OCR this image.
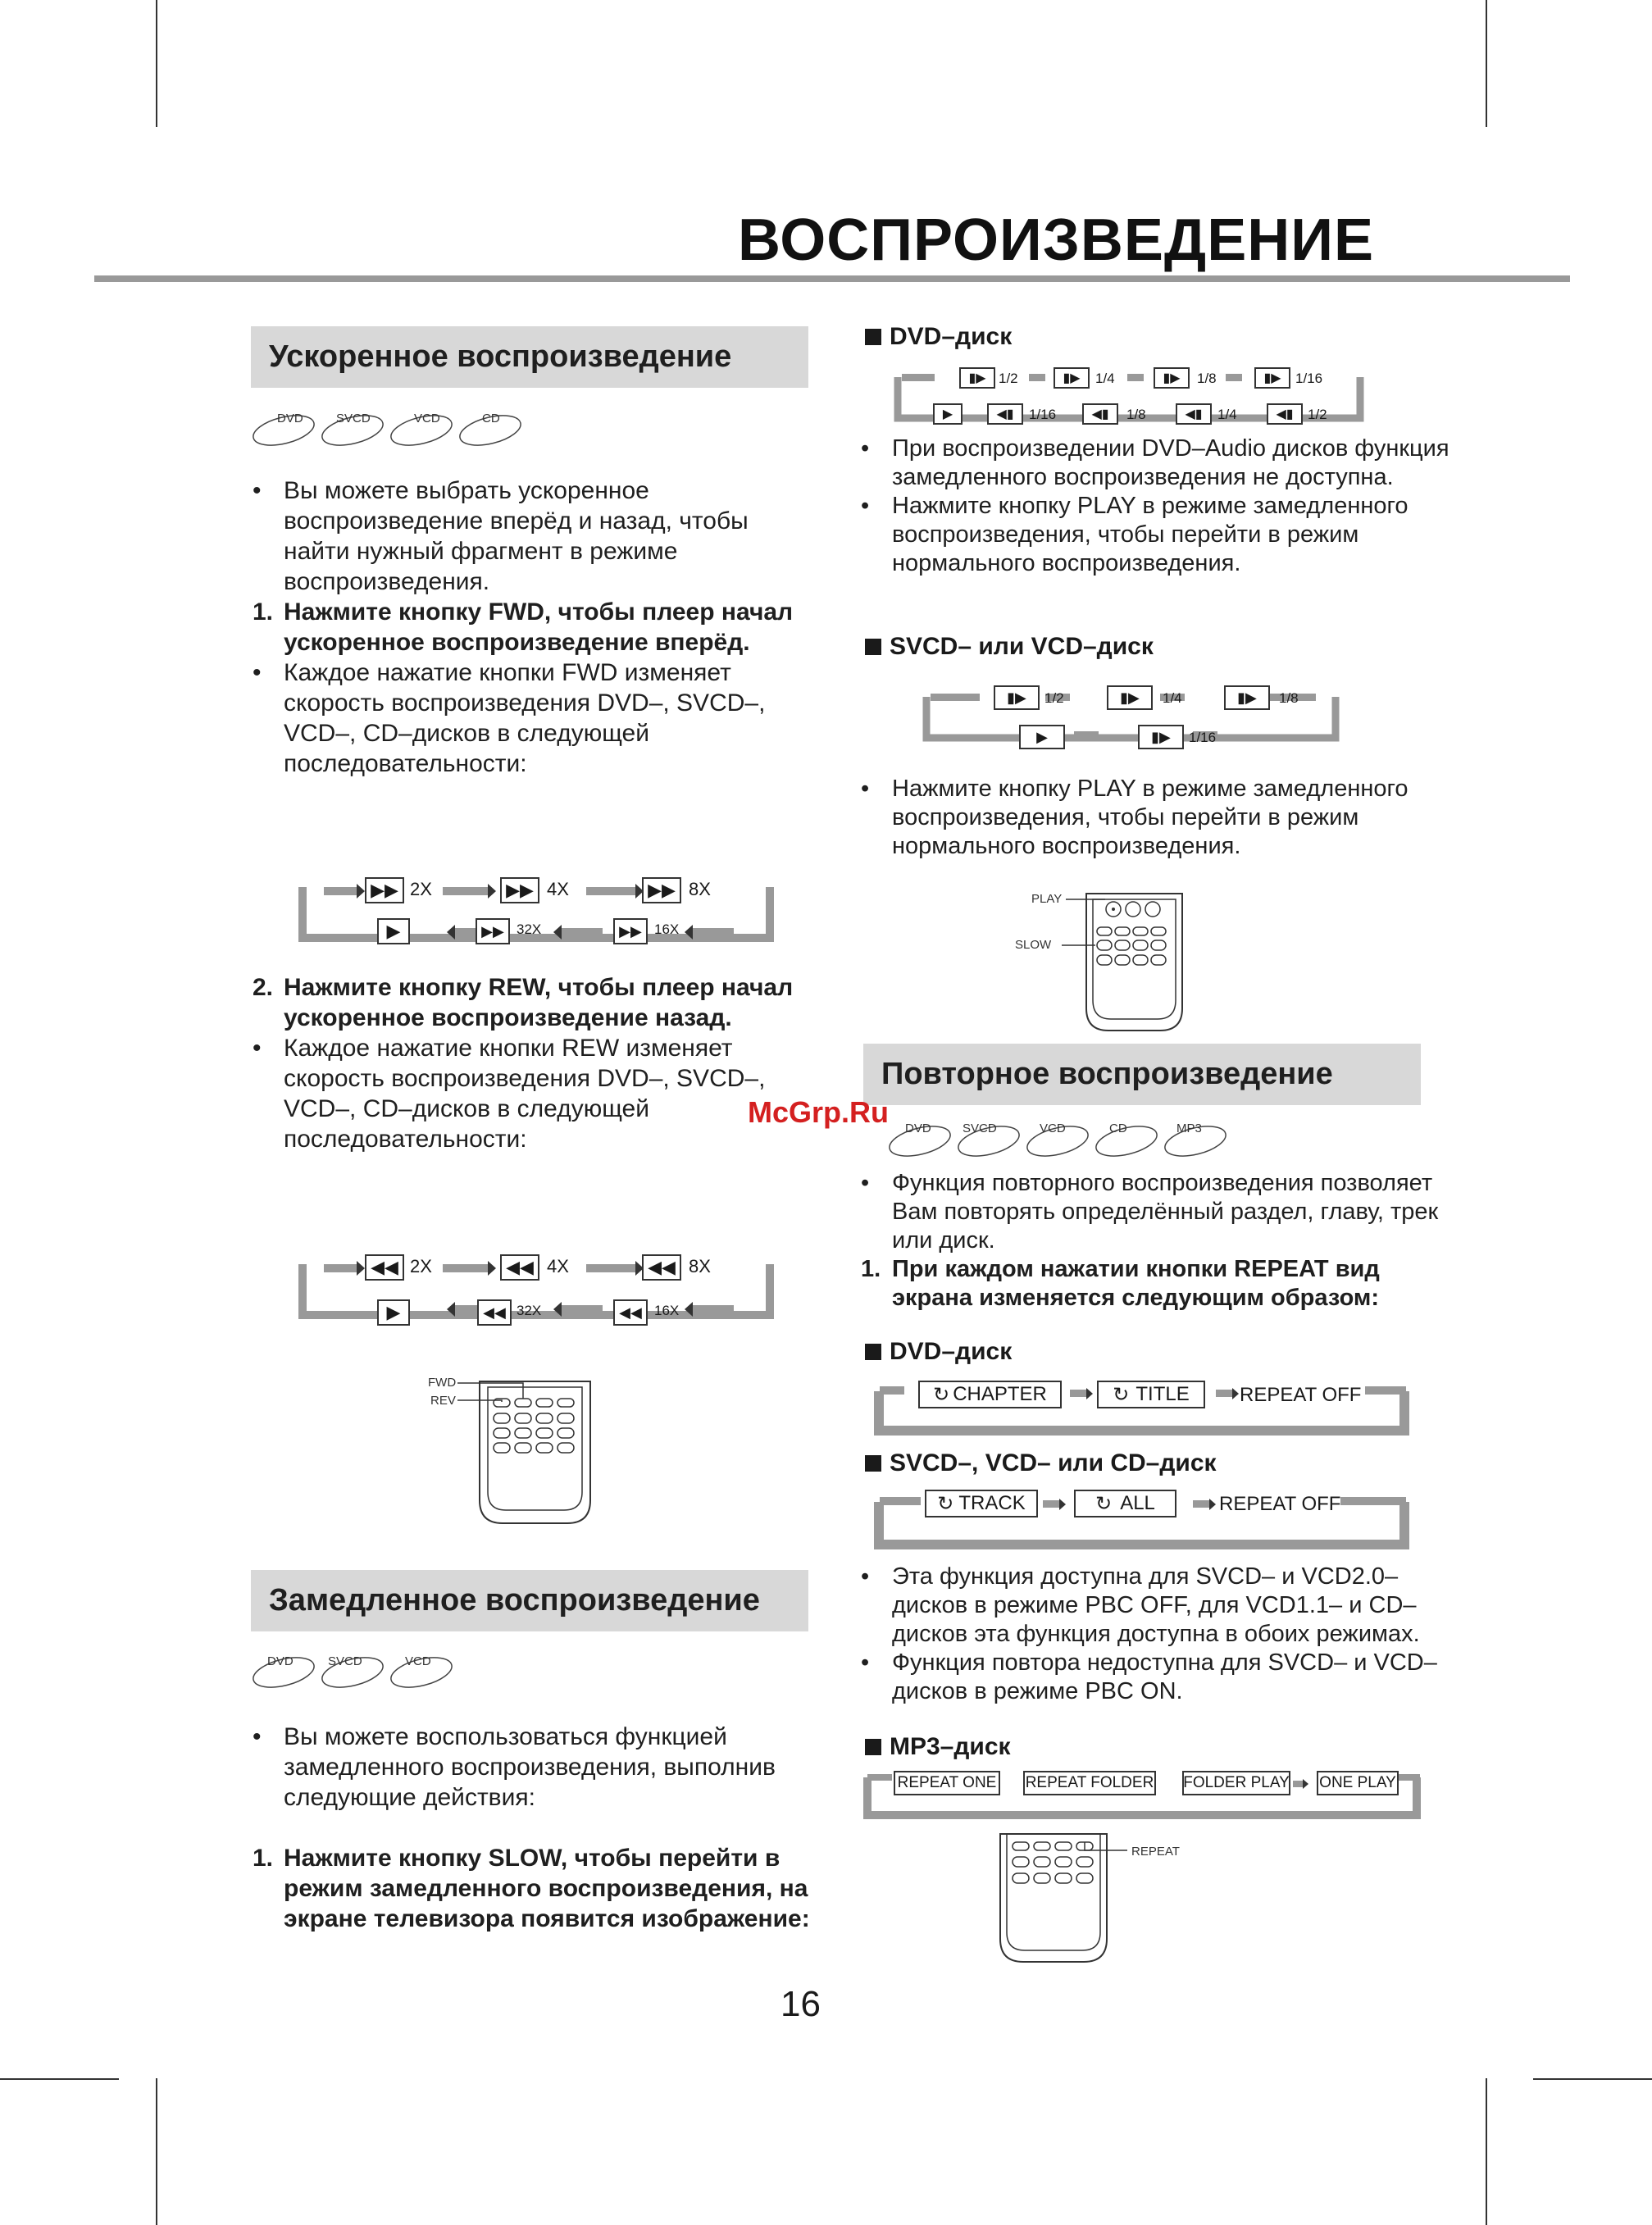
ВОСПРОИЗВЕДЕНИЕ
Ускоренное воспроизведение
DVD	SVCD	VCD	CD
• Вы можете выбрать ускоренное воспроизведение вперёд и назад, чтобы найти нужный фрагмент в режиме воспроизведения.
1. Нажмите кнопку FWD, чтобы плеер начал ускоренное воспроизведение вперёд.
• Каждое нажатие кнопки FWD изменяет скорость воспроизведения DVD–, SVCD–, VCD–, CD–дисков в следующей последовательности:
▶▶ 2X	▶▶ 4X	▶▶ 8X
▶	▶▶ 32X	▶▶ 16X
2. Нажмите кнопку REW, чтобы плеер начал ускоренное воспроизведение назад.
• Каждое нажатие кнопки REW изменяет скорость воспроизведения DVD–, SVCD–, VCD–, CD–дисков в следующей последовательности:
◀◀ 2X	◀◀ 4X	◀◀ 8X
▶	◀◀ 32X	◀◀ 16X
FWD
REV
Замедленное воспроизведение
DVD	SVCD	VCD
• Вы можете воспользоваться функцией замедленного воспроизведения, выполнив следующие действия:
1. Нажмите кнопку SLOW, чтобы перейти в режим замедленного воспроизведения, на экране телевизора появится изображение:
DVD–диск
▮▶ 1/2	▮▶	1/4	▮▶	1/8	▮▶	1/16
▶	◀▮	1/16	◀▮	1/8	◀▮	1/4	◀▮	1/2
• При воспроизведении DVD–Audio дисков функция замедленного воспроизведения не доступна.
• Нажмите кнопку PLAY в режиме замедленного воспроизведения, чтобы перейти в режим нормального воспроизведения.
SVCD– или VCD–диск
▮▶	1/2	▮▶	1/4	▮▶	1/8
▶	▮▶	1/16
• Нажмите кнопку PLAY в режиме замедленного воспроизведения, чтобы перейти в режим нормального воспроизведения.
PLAY
SLOW
Повторное воспроизведение
DVD	SVCD	VCD	CD	MP3
• Функция повторного воспроизведения позволяет Вам повторять определённый раздел, главу, трек или диск.
1. При каждом нажатии кнопки REPEAT вид экрана изменяется следующим образом:
DVD–диск
↻ CHAPTER	↻ TITLE	REPEAT OFF
SVCD–, VCD– или CD–диск
↻ TRACK	↻ ALL	REPEAT OFF
• Эта функция доступна для SVCD– и VCD2.0–дисков в режиме PBC OFF, для VCD1.1– и CD–дисков эта функция доступна в обоих режимах.
• Функция повтора недоступна для SVCD– и VCD–дисков в режиме PBC ON.
MP3–диск
REPEAT ONE REPEAT FOLDER FOLDER PLAY ONE PLAY
REPEAT
McGrp.Ru
16
